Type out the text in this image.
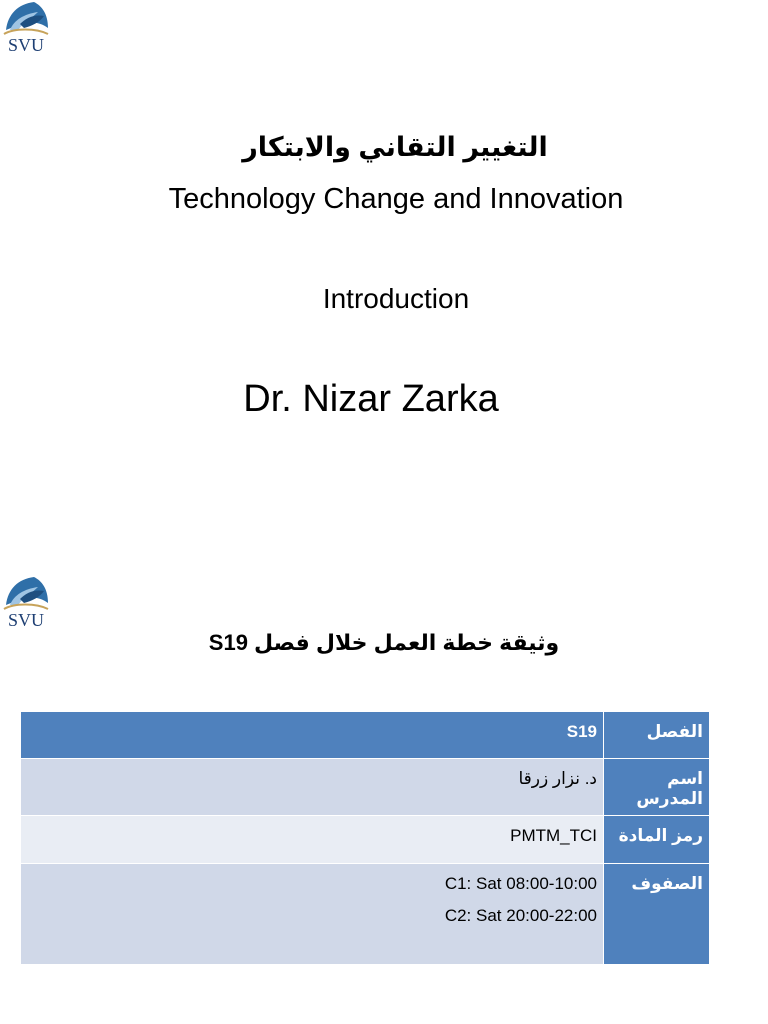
SVU
التغيير التقاني والابتكار
Technology Change and Innovation
Introduction
Dr. Nizar Zarka
SVU
وثيقة خطة العمل خلال فصل S19
الفصل	S19
اسم المدرس	د. نزار زرقا
رمز المادة	PMTM_TCI
الصفوف	C1: Sat 08:00-10:00
C2: Sat 20:00-22:00
